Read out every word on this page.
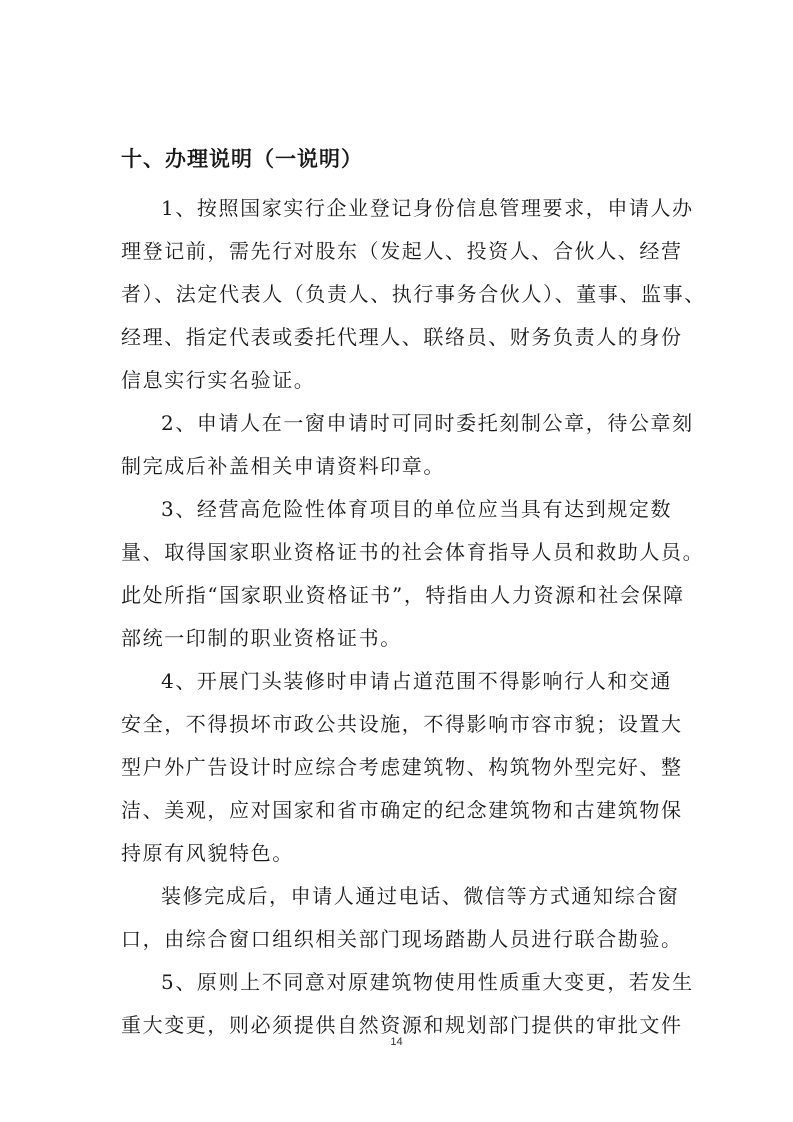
十、办理说明（一说明）
1、按照国家实行企业登记身份信息管理要求，申请人办
理登记前，需先行对股东（发起人、投资人、合伙人、经营
者）、法定代表人（负责人、执行事务合伙人）、董事、监事、
经理、指定代表或委托代理人、联络员、财务负责人的身份
信息实行实名验证。
2、申请人在一窗申请时可同时委托刻制公章，待公章刻
制完成后补盖相关申请资料印章。
3、经营高危险性体育项目的单位应当具有达到规定数
量、取得国家职业资格证书的社会体育指导人员和救助人员。
此处所指“国家职业资格证书”，特指由人力资源和社会保障
部统一印制的职业资格证书。
4、开展门头装修时申请占道范围不得影响行人和交通
安全，不得损坏市政公共设施，不得影响市容市貌；设置大
型户外广告设计时应综合考虑建筑物、构筑物外型完好、整
洁、美观，应对国家和省市确定的纪念建筑物和古建筑物保
持原有风貌特色。
装修完成后，申请人通过电话、微信等方式通知综合窗
口，由综合窗口组织相关部门现场踏勘人员进行联合勘验。
5、原则上不同意对原建筑物使用性质重大变更，若发生
重大变更，则必须提供自然资源和规划部门提供的审批文件
14
